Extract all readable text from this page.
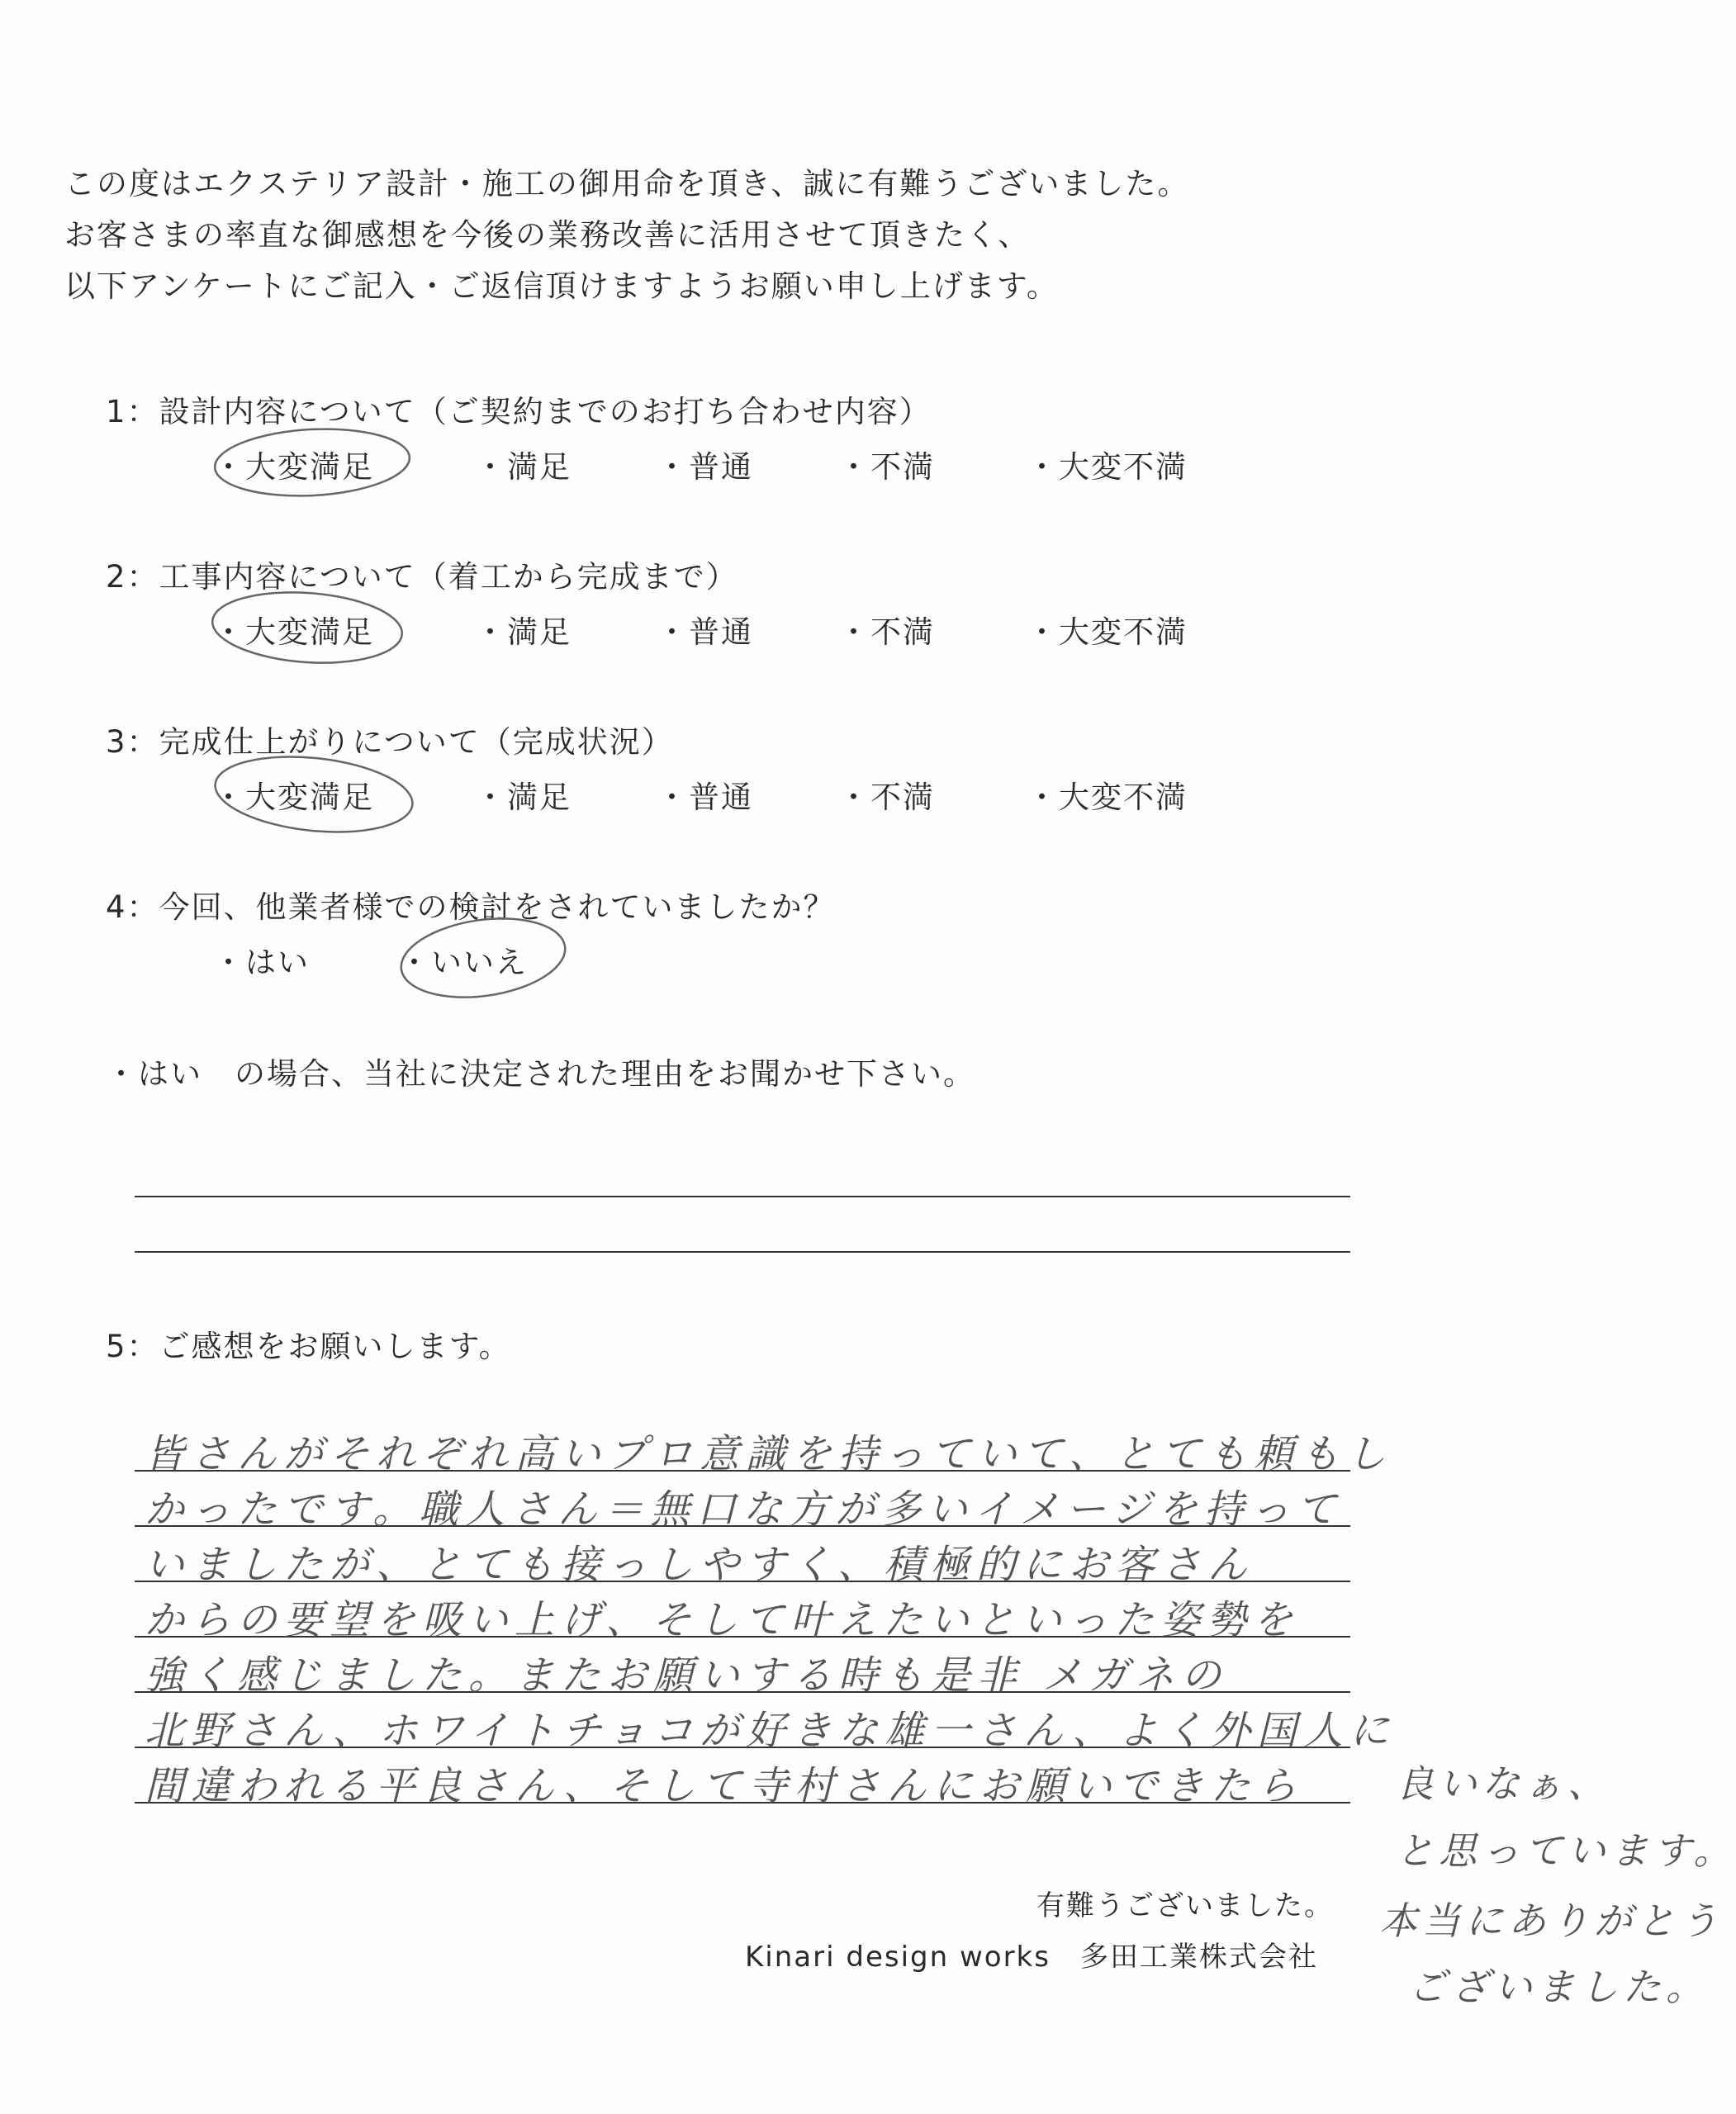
この度はエクステリア設計・施工の御用命を頂き、誠に有難うございました。
お客さまの率直な御感想を今後の業務改善に活用させて頂きたく、
以下アンケートにご記入・ご返信頂けますようお願い申し上げます。
1：設計内容について（ご契約までのお打ち合わせ内容）
・大変満足	・満足	・普通	・不満	・大変不満
2：工事内容について（着工から完成まで）
・大変満足	・満足	・普通	・不満	・大変不満
3：完成仕上がりについて（完成状況）
・大変満足	・満足	・普通	・不満	・大変不満
4：今回、他業者様での検討をされていましたか？
・はい	・いいえ
・はい　の場合、当社に決定された理由をお聞かせ下さい。
5：ご感想をお願いします。
皆さんがそれぞれ高いプロ意識を持っていて、とても頼もし
かったです。職人さん＝無口な方が多いイメージを持って
いましたが、とても接っしやすく、積極的にお客さん
からの要望を吸い上げ、そして叶えたいといった姿勢を
強く感じました。またお願いする時も是非 メガネの
北野さん、ホワイトチョコが好きな雄一さん、よく外国人に
間違われる平良さん、そして寺村さんにお願いできたら 良いなぁ、
と思っています。
本当にありがとう
ございました。
有難うございました。
Kinari design works　多田工業株式会社
